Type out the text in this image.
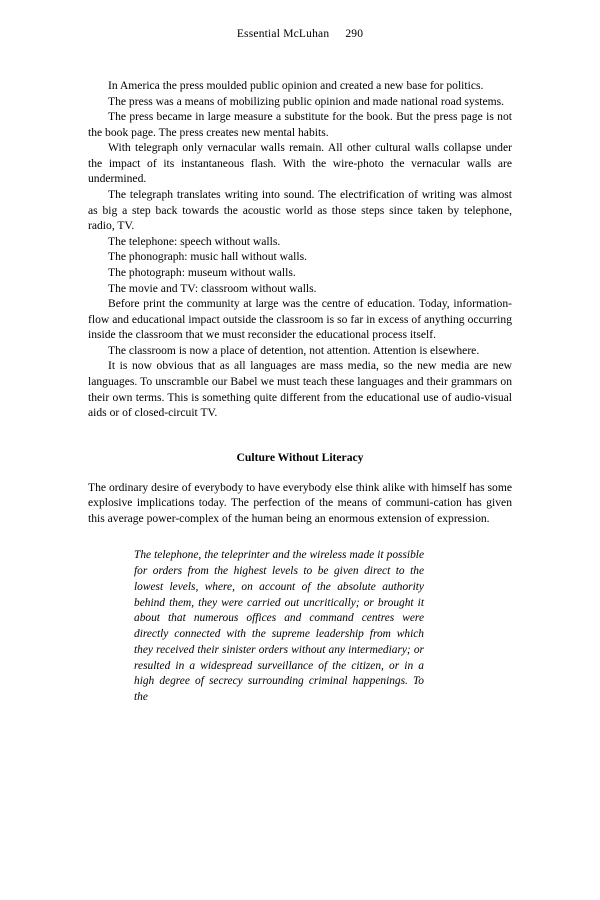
Essential McLuhan 290

In America the press moulded public opinion and created a new base for politics.

The press was a means of mobilizing public opinion and made national road systems.

The press became in large measure a substitute for the book. But the press page is not the book page. The press creates new mental habits.

With telegraph only vernacular walls remain. All other cultural walls collapse under the impact of its instantaneous flash. With the wire-photo the vernacular walls are undermined.

The telegraph translates writing into sound. The electrification of writing was almost as big a step back towards the acoustic world as those steps since taken by telephone, radio, TV.

The telephone: speech without walls.

The phonograph: music hall without walls.

The photograph: museum without walls.

The movie and TV: classroom without walls.

Before print the community at large was the centre of education. Today, information-flow and educational impact outside the classroom is so far in excess of anything occurring inside the classroom that we must reconsider the educational process itself.

The classroom is now a place of detention, not attention. Attention is elsewhere.

It is now obvious that as all languages are mass media, so the new media are new languages. To unscramble our Babel we must teach these languages and their grammars on their own terms. This is something quite different from the educational use of audio-visual aids or of closed-circuit TV.

Culture Without Literacy

The ordinary desire of everybody to have everybody else think alike with himself has some explosive implications today. The perfection of the means of communi-cation has given this average power-complex of the human being an enormous extension of expression.

The telephone, the teleprinter and the wireless made it possible for orders from the highest levels to be given direct to the lowest levels, where, on account of the absolute authority behind them, they were carried out uncritically; or brought it about that numerous offices and command centres were directly connected with the supreme leadership from which they received their sinister orders without any intermediary; or resulted in a widespread surveillance of the citizen, or in a high degree of secrecy surrounding criminal happenings. To the
